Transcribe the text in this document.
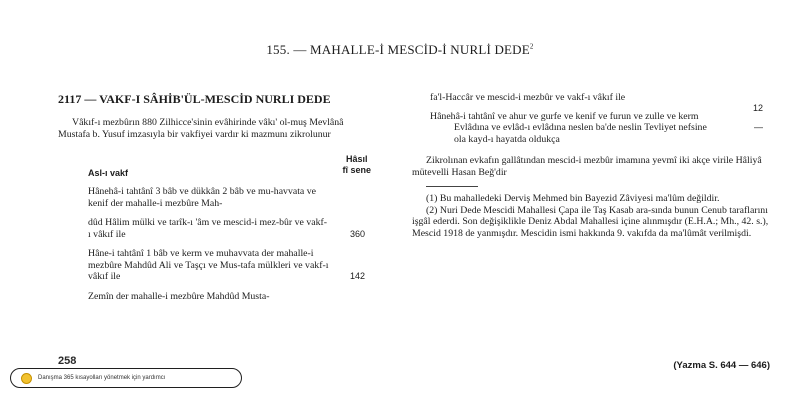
155. — MAHALLE-İ MESCİD-İ NURLİ DEDE$^2$
2117 — VAKF-I SÂHİB'ÜL-MESCİD NURLI DEDE

Vâkıf-ı mezbûrın 880 Zilhicce'sinin evâhirinde vâkı' ol-muş Mevlânâ Mustafa b. Yusuf imzasıyla bir vakfiyei vardır ki mazmunı zikrolunur

Asl-ı vakf
Hâsıl
fî sene
Hânehâ-i tahtânî 3 bâb ve dükkân 2 bâb ve mu-havvata ve kenif der mahalle-i mezbûre Mah-
dûd Hâlim mülki ve tarîk-ı 'âm ve mescid-i mez-bûr ve vakf-ı vâkıf ile	360
Hâne-i tahtânî 1 bâb ve kerm ve muhavvata der mahalle-i mezbûre Mahdûd Ali ve Taşçı ve Mus-tafa mülkleri ve vakf-ı vâkıf ile	142
Zemîn der mahalle-i mezbûre Mahdûd Musta-
fa'l-Haccâr ve mescid-i mezbûr ve vakf-ı vâkıf ile
12
Hânehâ-i tahtânî ve ahur ve gurfe ve kenif ve furun ve zulle ve kerm
—
Evlâdına ve evlâd-ı evlâdına neslen ba'de neslin Tevliyet nefsine ola kayd-ı hayatda oldukça

Zikrolınan evkafın gallâtından mescid-i mezbûr imamına yevmî iki akçe virile Hâliyâ mütevelli Hasan Beğ'dir

(1) Bu mahalledeki Derviş Mehmed bin Bayezid Zâviyesi ma'lûm değildir.

(2) Nuri Dede Mescidi Mahallesi Çapa ile Taş Kasab ara-sında bunun Cenub taraflarını işgâl ederdi. Son değişiklikle Deniz Abdal Mahallesi içine alınmışdır (E.H.A.; Mh., 42. s.), Mescid 1918 de yanmışdır. Mescidin ismi hakkında 9. vakıfda da ma'lûmât verilmişdi.

(Yazma S. 644 — 646)
258
Danışma 365 kısayolları yönetmek için yardımcı
